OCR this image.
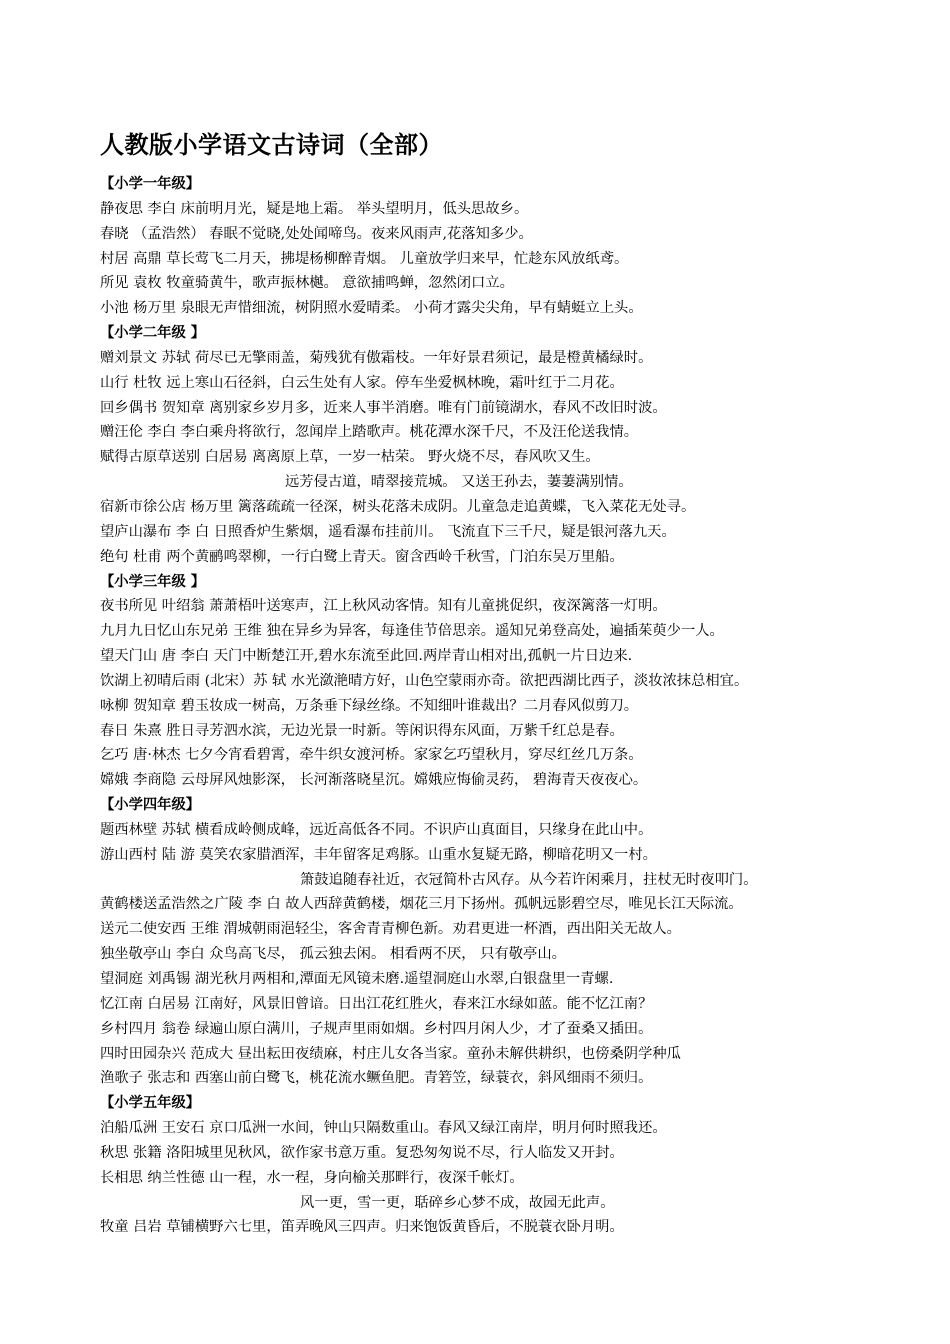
人教版小学语文古诗词（全部）
【小学一年级】
静夜思 李白 床前明月光，疑是地上霜。 举头望明月，低头思故乡。
春晓 （孟浩然） 春眠不觉晓,处处闻啼鸟。夜来风雨声,花落知多少。
村居 高鼎 草长莺飞二月天，拂堤杨柳醉青烟。 儿童放学归来早，忙趁东风放纸鸢。
所见 袁枚 牧童骑黄牛，歌声振林樾。 意欲捕鸣蝉，忽然闭口立。
小池 杨万里 泉眼无声惜细流，树阴照水爱晴柔。 小荷才露尖尖角，早有蜻蜓立上头。
【小学二年级 】
赠刘景文 苏轼 荷尽已无擎雨盖，菊残犹有傲霜枝。一年好景君须记，最是橙黄橘绿时。
山行 杜牧 远上寒山石径斜，白云生处有人家。停车坐爱枫林晚，霜叶红于二月花。
回乡偶书 贺知章 离别家乡岁月多，近来人事半消磨。唯有门前镜湖水，春风不改旧时波。
赠汪伦 李白 李白乘舟将欲行，忽闻岸上踏歌声。桃花潭水深千尺，不及汪伦送我情。
赋得古原草送别 白居易 离离原上草，一岁一枯荣。 野火烧不尽，春风吹又生。
远芳侵古道，晴翠接荒城。 又送王孙去，萋萋满别情。
宿新市徐公店 杨万里 篱落疏疏一径深，树头花落未成阴。儿童急走追黄蝶，飞入菜花无处寻。
望庐山瀑布 李 白 日照香炉生紫烟，遥看瀑布挂前川。 飞流直下三千尺，疑是银河落九天。
绝句 杜甫 两个黄鹂鸣翠柳，一行白鹭上青天。窗含西岭千秋雪，门泊东吴万里船。
【小学三年级 】
夜书所见 叶绍翁 萧萧梧叶送寒声，江上秋风动客情。知有儿童挑促织，夜深篱落一灯明。
九月九日忆山东兄弟 王维 独在异乡为异客，每逢佳节倍思亲。遥知兄弟登高处，遍插茱萸少一人。
望天门山 唐 李白 天门中断楚江开,碧水东流至此回.两岸青山相对出,孤帆一片日边来.
饮湖上初晴后雨 (北宋）苏 轼 水光潋滟晴方好，山色空蒙雨亦奇。欲把西湖比西子，淡妆浓抹总相宜。
咏柳 贺知章 碧玉妆成一树高，万条垂下绿丝绦。不知细叶谁裁出？二月春风似剪刀。
春日 朱熹 胜日寻芳泗水滨，无边光景一时新。等闲识得东风面，万紫千红总是春。
乞巧 唐·林杰 七夕今宵看碧霄，牵牛织女渡河桥。家家乞巧望秋月，穿尽红丝几万条。
嫦娥 李商隐 云母屏风烛影深， 长河渐落晓星沉。嫦娥应悔偷灵药， 碧海青天夜夜心。
【小学四年级】
题西林壁 苏轼 横看成岭侧成峰，远近高低各不同。不识庐山真面目，只缘身在此山中。
游山西村 陆 游 莫笑农家腊酒浑，丰年留客足鸡豚。山重水复疑无路，柳暗花明又一村。
箫鼓追随春社近，衣冠简朴古风存。从今若许闲乘月，拄杖无时夜叩门。
黄鹤楼送孟浩然之广陵 李 白 故人西辞黄鹤楼，烟花三月下扬州。孤帆远影碧空尽，唯见长江天际流。
送元二使安西 王维 渭城朝雨浥轻尘，客舍青青柳色新。劝君更进一杯酒，西出阳关无故人。
独坐敬亭山 李白 众鸟高飞尽， 孤云独去闲。 相看两不厌， 只有敬亭山。
望洞庭 刘禹锡 湖光秋月两相和,潭面无风镜未磨.遥望洞庭山水翠,白银盘里一青螺.
忆江南 白居易 江南好，风景旧曾谙。日出江花红胜火，春来江水绿如蓝。能不忆江南？
乡村四月 翁卷 绿遍山原白满川，子规声里雨如烟。乡村四月闲人少，才了蚕桑又插田。
四时田园杂兴 范成大 昼出耘田夜绩麻，村庄儿女各当家。童孙未解供耕织，也傍桑阴学种瓜
渔歌子 张志和 西塞山前白鹭飞，桃花流水鳜鱼肥。青箬笠，绿蓑衣，斜风细雨不须归。
【小学五年级】
泊船瓜洲 王安石 京口瓜洲一水间，钟山只隔数重山。春风又绿江南岸，明月何时照我还。
秋思 张籍 洛阳城里见秋风，欲作家书意万重。复恐匆匆说不尽，行人临发又开封。
长相思 纳兰性德 山一程，水一程，身向榆关那畔行，夜深千帐灯。
风一更，雪一更，聒碎乡心梦不成，故园无此声。
牧童 吕岩 草铺横野六七里，笛弄晚风三四声。归来饱饭黄昏后，不脱蓑衣卧月明。
